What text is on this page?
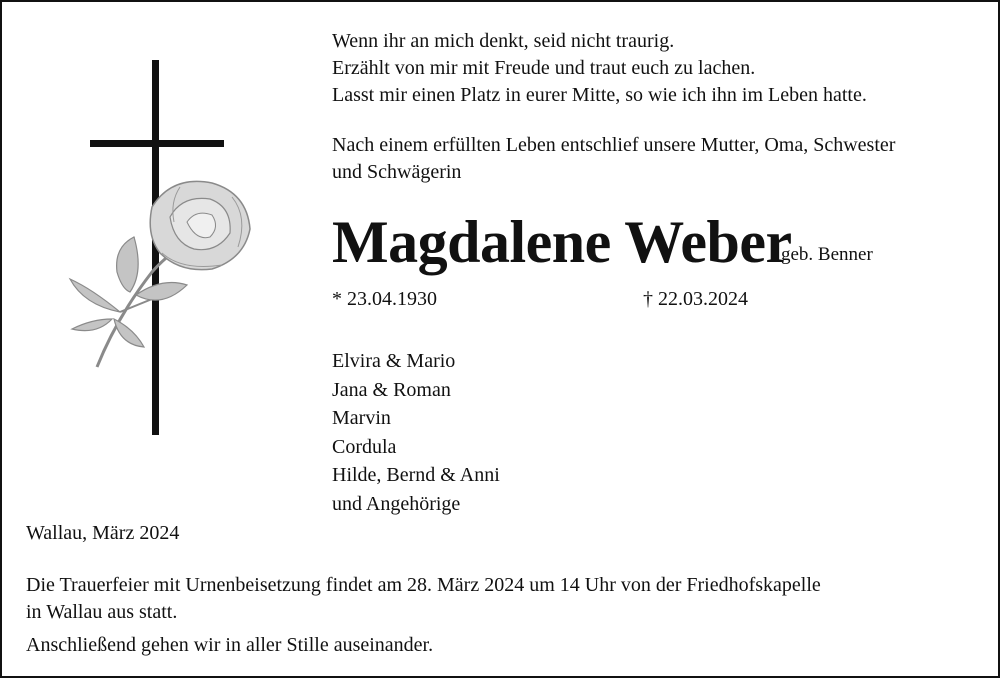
Wenn ihr an mich denkt, seid nicht traurig.
Erzählt von mir mit Freude und traut euch zu lachen.
Lasst mir einen Platz in eurer Mitte, so wie ich ihn im Leben hatte.
Nach einem erfüllten Leben entschlief unsere Mutter, Oma, Schwester
und Schwägerin
Magdalene Weber
geb. Benner
* 23.04.1930	† 22.03.2024
Elvira & Mario
Jana & Roman
Marvin
Cordula
Hilde, Bernd & Anni
und Angehörige
Wallau, März 2024
Die Trauerfeier mit Urnenbeisetzung findet am 28. März 2024 um 14 Uhr von der Friedhofskapelle
in Wallau aus statt.
Anschließend gehen wir in aller Stille auseinander.
